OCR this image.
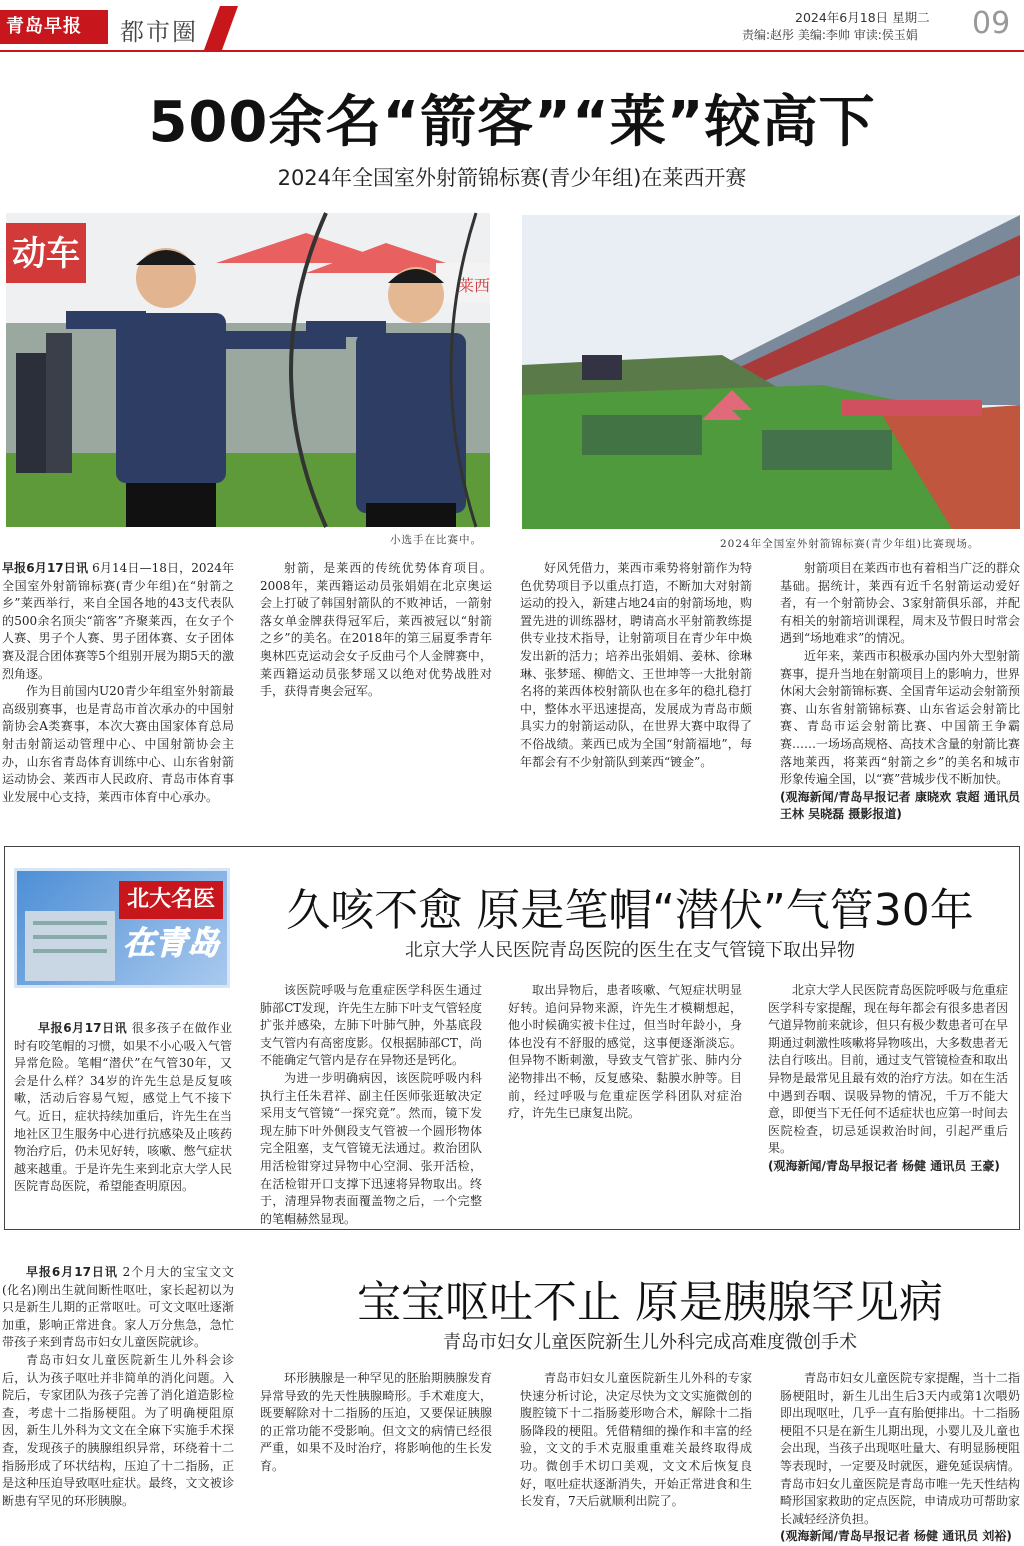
青岛早报	都市圈
2024年6月18日 星期二
责编:赵彤 美编:李帅 审读:侯玉娟 09
500余名“箭客”“莱”较高下
2024年全国室外射箭锦标赛(青少年组)在莱西开赛
动车
莱西
小选手在比赛中。	2024年全国室外射箭锦标赛(青少年组)比赛现场。

早报6月17日讯 6月14日—18日，2024年全国室外射箭锦标赛(青少年组)在“射箭之乡”莱西举行，来自全国各地的43支代表队的500余名顶尖“箭客”齐聚莱西，在女子个人赛、男子个人赛、男子团体赛、女子团体赛及混合团体赛等5个组别开展为期5天的激烈角逐。

作为目前国内U20青少年组室外射箭最高级别赛事，也是青岛市首次承办的中国射箭协会A类赛事，本次大赛由国家体育总局射击射箭运动管理中心、中国射箭协会主办，山东省青岛体育训练中心、山东省射箭运动协会、莱西市人民政府、青岛市体育事业发展中心支持，莱西市体育中心承办。

射箭，是莱西的传统优势体育项目。2008年，莱西籍运动员张娟娟在北京奥运会上打破了韩国射箭队的不败神话，一箭射落女单金牌获得冠军后，莱西被冠以“射箭之乡”的美名。在2018年的第三届夏季青年奥林匹克运动会女子反曲弓个人金牌赛中，莱西籍运动员张梦瑶又以绝对优势战胜对手，获得青奥会冠军。

好风凭借力，莱西市乘势将射箭作为特色优势项目予以重点打造，不断加大对射箭运动的投入，新建占地24亩的射箭场地，购置先进的训练器材，聘请高水平射箭教练提供专业技术指导，让射箭项目在青少年中焕发出新的活力；培养出张娟娟、姜林、徐琳琳、张梦瑶、柳皓文、王世坤等一大批射箭名将的莱西体校射箭队也在多年的稳扎稳打中，整体水平迅速提高，发展成为青岛市颇具实力的射箭运动队，在世界大赛中取得了不俗战绩。莱西已成为全国“射箭福地”，每年都会有不少射箭队到莱西“镀金”。

射箭项目在莱西市也有着相当广泛的群众基础。据统计，莱西有近千名射箭运动爱好者，有一个射箭协会、3家射箭俱乐部，并配有相关的射箭培训课程，周末及节假日时常会遇到“场地难求”的情况。

近年来，莱西市积极承办国内外大型射箭赛事，提升当地在射箭项目上的影响力，世界休闲大会射箭锦标赛、全国青年运动会射箭预赛、山东省射箭锦标赛、山东省运会射箭比赛、青岛市运会射箭比赛、中国箭王争霸赛……一场场高规格、高技术含量的射箭比赛落地莱西，将莱西“射箭之乡”的美名和城市形象传遍全国，以“赛”营城步伐不断加快。

(观海新闻/青岛早报记者 康晓欢 袁超 通讯员 王林 吴晓磊 摄影报道)

北大名医
在青岛
久咳不愈 原是笔帽“潜伏”气管30年
北京大学人民医院青岛医院的医生在支气管镜下取出异物

早报6月17日讯 很多孩子在做作业时有咬笔帽的习惯，如果不小心吸入气管异常危险。笔帽“潜伏”在气管30年，又会是什么样？34岁的许先生总是反复咳嗽，活动后容易气短，感觉上气不接下气。近日，症状持续加重后，许先生在当地社区卫生服务中心进行抗感染及止咳药物治疗后，仍未见好转，咳嗽、憋气症状越来越重。于是许先生来到北京大学人民医院青岛医院，希望能查明原因。

该医院呼吸与危重症医学科医生通过肺部CT发现，许先生左肺下叶支气管轻度扩张并感染，左肺下叶肺气肿，外基底段支气管内有高密度影。仅根据肺部CT，尚不能确定气管内是存在异物还是钙化。

为进一步明确病因，该医院呼吸内科执行主任朱君祥、副主任医师张逛敏决定采用支气管镜“一探究竟”。然而，镜下发现左肺下叶外侧段支气管被一个圆形物体完全阻塞，支气管镜无法通过。救治团队用活检钳穿过异物中心空洞、张开活检，在活检钳开口支撑下迅速将异物取出。终于，清理异物表面覆盖物之后，一个完整的笔帽赫然显现。

取出异物后，患者咳嗽、气短症状明显好转。追问异物来源，许先生才模糊想起，他小时候确实被卡住过，但当时年龄小，身体也没有不舒服的感觉，这事便逐渐淡忘。但异物不断刺激，导致支气管扩张、肺内分泌物排出不畅，反复感染、黏膜水肿等。目前，经过呼吸与危重症医学科团队对症治疗，许先生已康复出院。

北京大学人民医院青岛医院呼吸与危重症医学科专家提醒，现在每年都会有很多患者因气道异物前来就诊，但只有极少数患者可在早期通过刺激性咳嗽将异物咳出，大多数患者无法自行咳出。目前，通过支气管镜检查和取出异物是最常见且最有效的治疗方法。如在生活中遇到吞咽、误吸异物的情况，千万不能大意，即便当下无任何不适症状也应第一时间去医院检查，切忌延误救治时间，引起严重后果。

(观海新闻/青岛早报记者 杨健 通讯员 王豪)

宝宝呕吐不止 原是胰腺罕见病
青岛市妇女儿童医院新生儿外科完成高难度微创手术

早报6月17日讯 2个月大的宝宝文文(化名)刚出生就间断性呕吐，家长起初以为只是新生儿期的正常呕吐。可文文呕吐逐渐加重，影响正常进食。家人万分焦急，急忙带孩子来到青岛市妇女儿童医院就诊。

青岛市妇女儿童医院新生儿外科会诊后，认为孩子呕吐并非简单的消化问题。入院后，专家团队为孩子完善了消化道造影检查，考虑十二指肠梗阻。为了明确梗阻原因，新生儿外科为文文在全麻下实施手术探查，发现孩子的胰腺组织异常，环绕着十二指肠形成了环状结构，压迫了十二指肠，正是这种压迫导致呕吐症状。最终，文文被诊断患有罕见的环形胰腺。

环形胰腺是一种罕见的胚胎期胰腺发育异常导致的先天性胰腺畸形。手术难度大，既要解除对十二指肠的压迫，又要保证胰腺的正常功能不受影响。但文文的病情已经很严重，如果不及时治疗，将影响他的生长发育。

青岛市妇女儿童医院新生儿外科的专家快速分析讨论，决定尽快为文文实施微创的腹腔镜下十二指肠菱形吻合术，解除十二指肠降段的梗阻。凭借精细的操作和丰富的经验，文文的手术克服重重难关最终取得成功。微创手术切口美观，文文术后恢复良好，呕吐症状逐渐消失，开始正常进食和生长发育，7天后就顺利出院了。

青岛市妇女儿童医院专家提醒，当十二指肠梗阻时，新生儿出生后3天内或第1次喂奶即出现呕吐，几乎一直有胎便排出。十二指肠梗阻不只是在新生儿期出现，小婴儿及儿童也会出现，当孩子出现呕吐量大、有明显肠梗阻等表现时，一定要及时就医，避免延误病情。青岛市妇女儿童医院是青岛市唯一先天性结构畸形国家救助的定点医院，申请成功可帮助家长减轻经济负担。

(观海新闻/青岛早报记者 杨健 通讯员 刘裕)
